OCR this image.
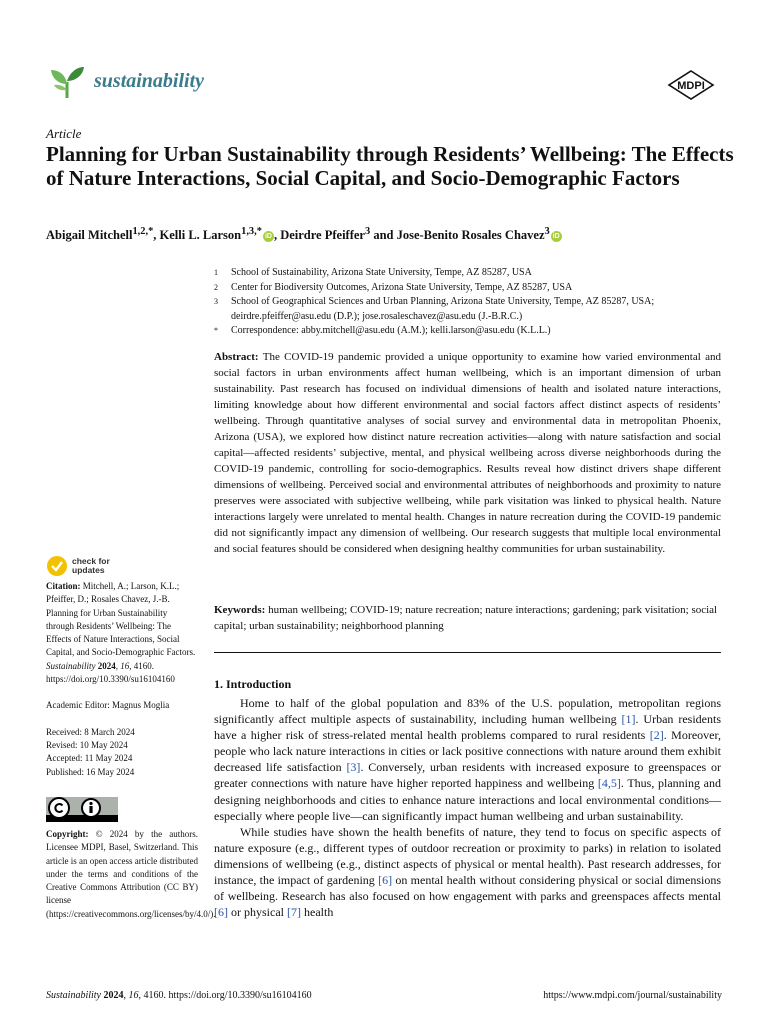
sustainability	MDPI
Article
Planning for Urban Sustainability through Residents’ Wellbeing: The Effects of Nature Interactions, Social Capital, and Socio-Demographic Factors
Abigail Mitchell$^{1,2,*}$, Kelli L. Larson$^{1,3,*}$ iD , Deirdre Pfeiffer$^3$ and Jose-Benito Rosales Chavez$^3$ iD
1	School of Sustainability, Arizona State University, Tempe, AZ 85287, USA
2	Center for Biodiversity Outcomes, Arizona State University, Tempe, AZ 85287, USA
3	School of Geographical Sciences and Urban Planning, Arizona State University, Tempe, AZ 85287, USA; deirdre.pfeiffer@asu.edu (D.P.); jose.rosaleschavez@asu.edu (J.-B.R.C.)
*	Correspondence: abby.mitchell@asu.edu (A.M.); kelli.larson@asu.edu (K.L.L.)
Abstract: The COVID-19 pandemic provided a unique opportunity to examine how varied environmental and social factors in urban environments affect human wellbeing, which is an important dimension of urban sustainability. Past research has focused on individual dimensions of health and isolated nature interactions, limiting knowledge about how different environmental and social factors affect distinct aspects of residents’ wellbeing. Through quantitative analyses of social survey and environmental data in metropolitan Phoenix, Arizona (USA), we explored how distinct nature recreation activities—along with nature satisfaction and social capital—affected residents’ subjective, mental, and physical wellbeing across diverse neighborhoods during the COVID-19 pandemic, controlling for socio-demographics. Results reveal how distinct drivers shape different dimensions of wellbeing. Perceived social and environmental attributes of neighborhoods and proximity to nature preserves were associated with subjective wellbeing, while park visitation was linked to physical health. Nature interactions largely were unrelated to mental health. Changes in nature recreation during the COVID-19 pandemic did not significantly impact any dimension of wellbeing. Our research suggests that multiple local environmental and social features should be considered when designing healthy communities for urban sustainability.
Keywords: human wellbeing; COVID-19; nature recreation; nature interactions; gardening; park visitation; social capital; urban sustainability; neighborhood planning
1. Introduction

Home to half of the global population and 83% of the U.S. population, metropolitan regions significantly affect multiple aspects of sustainability, including human wellbeing [1]. Urban residents have a higher risk of stress-related mental health problems compared to rural residents [2]. Moreover, people who lack nature interactions in cities or lack positive connections with nature around them exhibit decreased life satisfaction [3]. Conversely, urban residents with increased exposure to greenspaces or greater connections with nature have higher reported happiness and wellbeing [4,5]. Thus, planning and designing neighborhoods and cities to enhance nature interactions and local environmental conditions—especially where people live—can significantly impact human wellbeing and urban sustainability.

While studies have shown the health benefits of nature, they tend to focus on specific aspects of nature exposure (e.g., different types of outdoor recreation or proximity to parks) in relation to isolated dimensions of wellbeing (e.g., distinct aspects of physical or mental health). Past research addresses, for instance, the impact of gardening [6] on mental health without considering physical or social dimensions of wellbeing. Research has also focused on how engagement with parks and greenspaces affects mental [6] or physical [7] health

check for
updates

Citation: Mitchell, A.; Larson, K.L.; Pfeiffer, D.; Rosales Chavez, J.-B. Planning for Urban Sustainability through Residents’ Wellbeing: The Effects of Nature Interactions, Social Capital, and Socio-Demographic Factors. Sustainability 2024, 16, 4160. https://doi.org/10.3390/su16104160

Academic Editor: Magnus Moglia

Received: 8 March 2024

Revised: 10 May 2024

Accepted: 11 May 2024

Published: 16 May 2024

Copyright: © 2024 by the authors. Licensee MDPI, Basel, Switzerland. This article is an open access article distributed under the terms and conditions of the Creative Commons Attribution (CC BY) license (https://creativecommons.org/licenses/by/4.0/).
Sustainability 2024, 16, 4160. https://doi.org/10.3390/su16104160	https://www.mdpi.com/journal/sustainability
